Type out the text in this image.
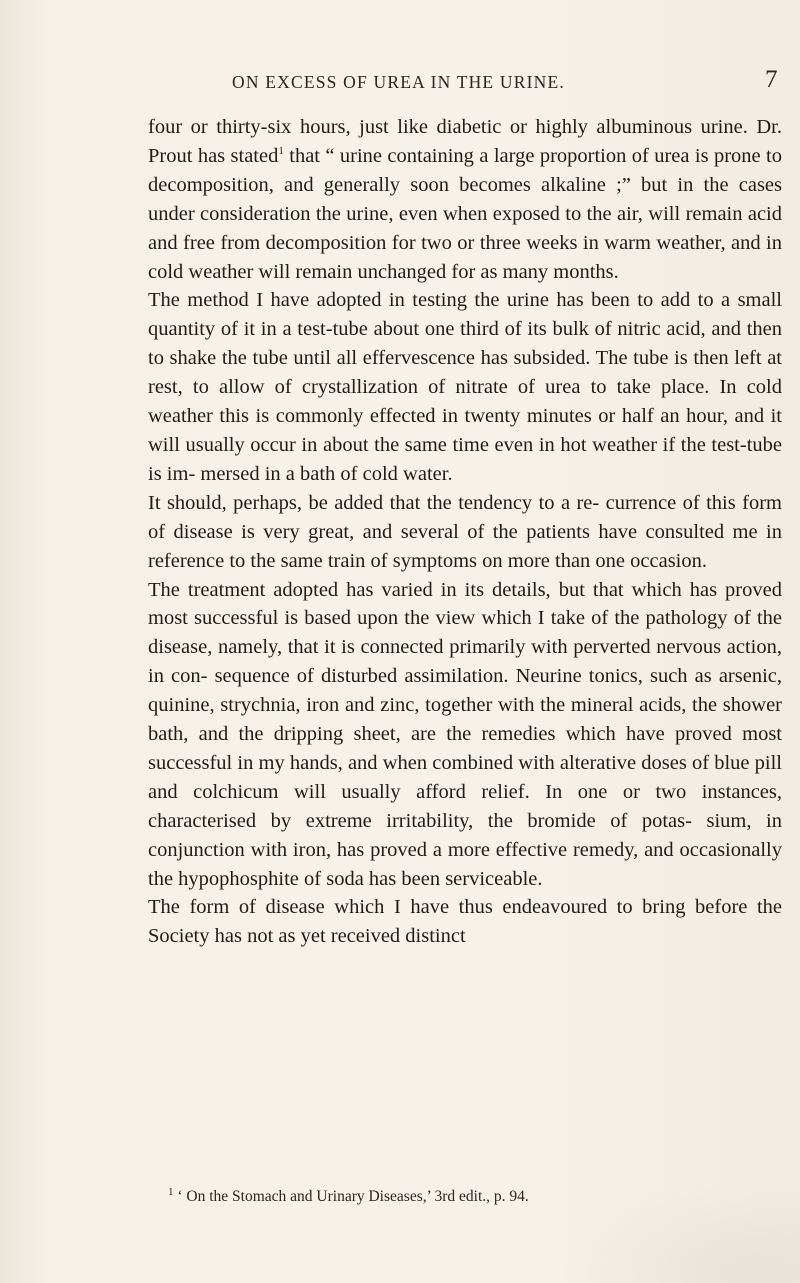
ON EXCESS OF UREA IN THE URINE.	7

four or thirty-six hours, just like diabetic or highly albuminous urine. Dr. Prout has stated$^1$ that “ urine containing a large proportion of urea is prone to decomposition, and generally soon becomes alkaline ;” but in the cases under consideration the urine, even when exposed to the air, will remain acid and free from decomposition for two or three weeks in warm weather, and in cold weather will remain unchanged for as many months.

The method I have adopted in testing the urine has been to add to a small quantity of it in a test-tube about one third of its bulk of nitric acid, and then to shake the tube until all effervescence has subsided. The tube is then left at rest, to allow of crystallization of nitrate of urea to take place. In cold weather this is commonly effected in twenty minutes or half an hour, and it will usually occur in about the same time even in hot weather if the test-tube is im- mersed in a bath of cold water.

It should, perhaps, be added that the tendency to a re- currence of this form of disease is very great, and several of the patients have consulted me in reference to the same train of symptoms on more than one occasion.

The treatment adopted has varied in its details, but that which has proved most successful is based upon the view which I take of the pathology of the disease, namely, that it is connected primarily with perverted nervous action, in con- sequence of disturbed assimilation. Neurine tonics, such as arsenic, quinine, strychnia, iron and zinc, together with the mineral acids, the shower bath, and the dripping sheet, are the remedies which have proved most successful in my hands, and when combined with alterative doses of blue pill and colchicum will usually afford relief. In one or two instances, characterised by extreme irritability, the bromide of potas- sium, in conjunction with iron, has proved a more effective remedy, and occasionally the hypophosphite of soda has been serviceable.

The form of disease which I have thus endeavoured to bring before the Society has not as yet received distinct

$^1$ ‘ On the Stomach and Urinary Diseases,’ 3rd edit., p. 94.
